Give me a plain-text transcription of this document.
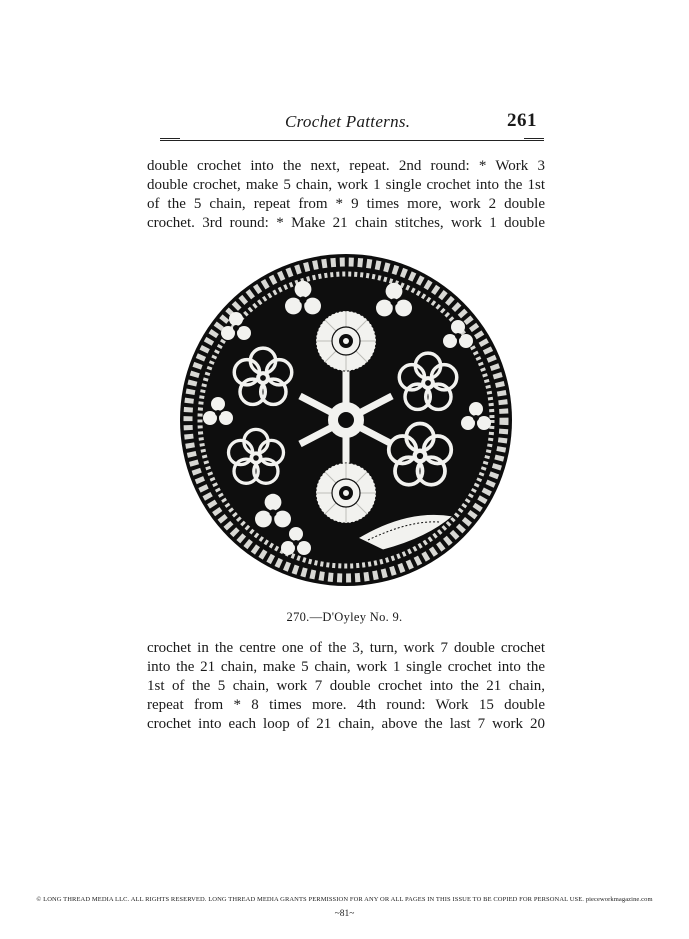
Crochet Patterns.	261
double crochet into the next, repeat. 2nd round: * Work 3
double crochet, make 5 chain, work 1 single crochet into the 1st
of the 5 chain, repeat from * 9 times more, work 2 double
crochet. 3rd round: * Make 21 chain stitches, work 1 double
270.—D'Oyley No. 9.
crochet in the centre one of the 3, turn, work 7 double crochet
into the 21 chain, make 5 chain, work 1 single crochet into the
1st of the 5 chain, work 7 double crochet into the 21 chain,
repeat from * 8 times more. 4th round: Work 15 double
crochet into each loop of 21 chain, above the last 7 work 20
© LONG THREAD MEDIA LLC. ALL RIGHTS RESERVED. LONG THREAD MEDIA GRANTS PERMISSION FOR ANY OR ALL PAGES IN THIS ISSUE TO BE COPIED FOR PERSONAL USE. pieceworkmagazine.com
~81~
